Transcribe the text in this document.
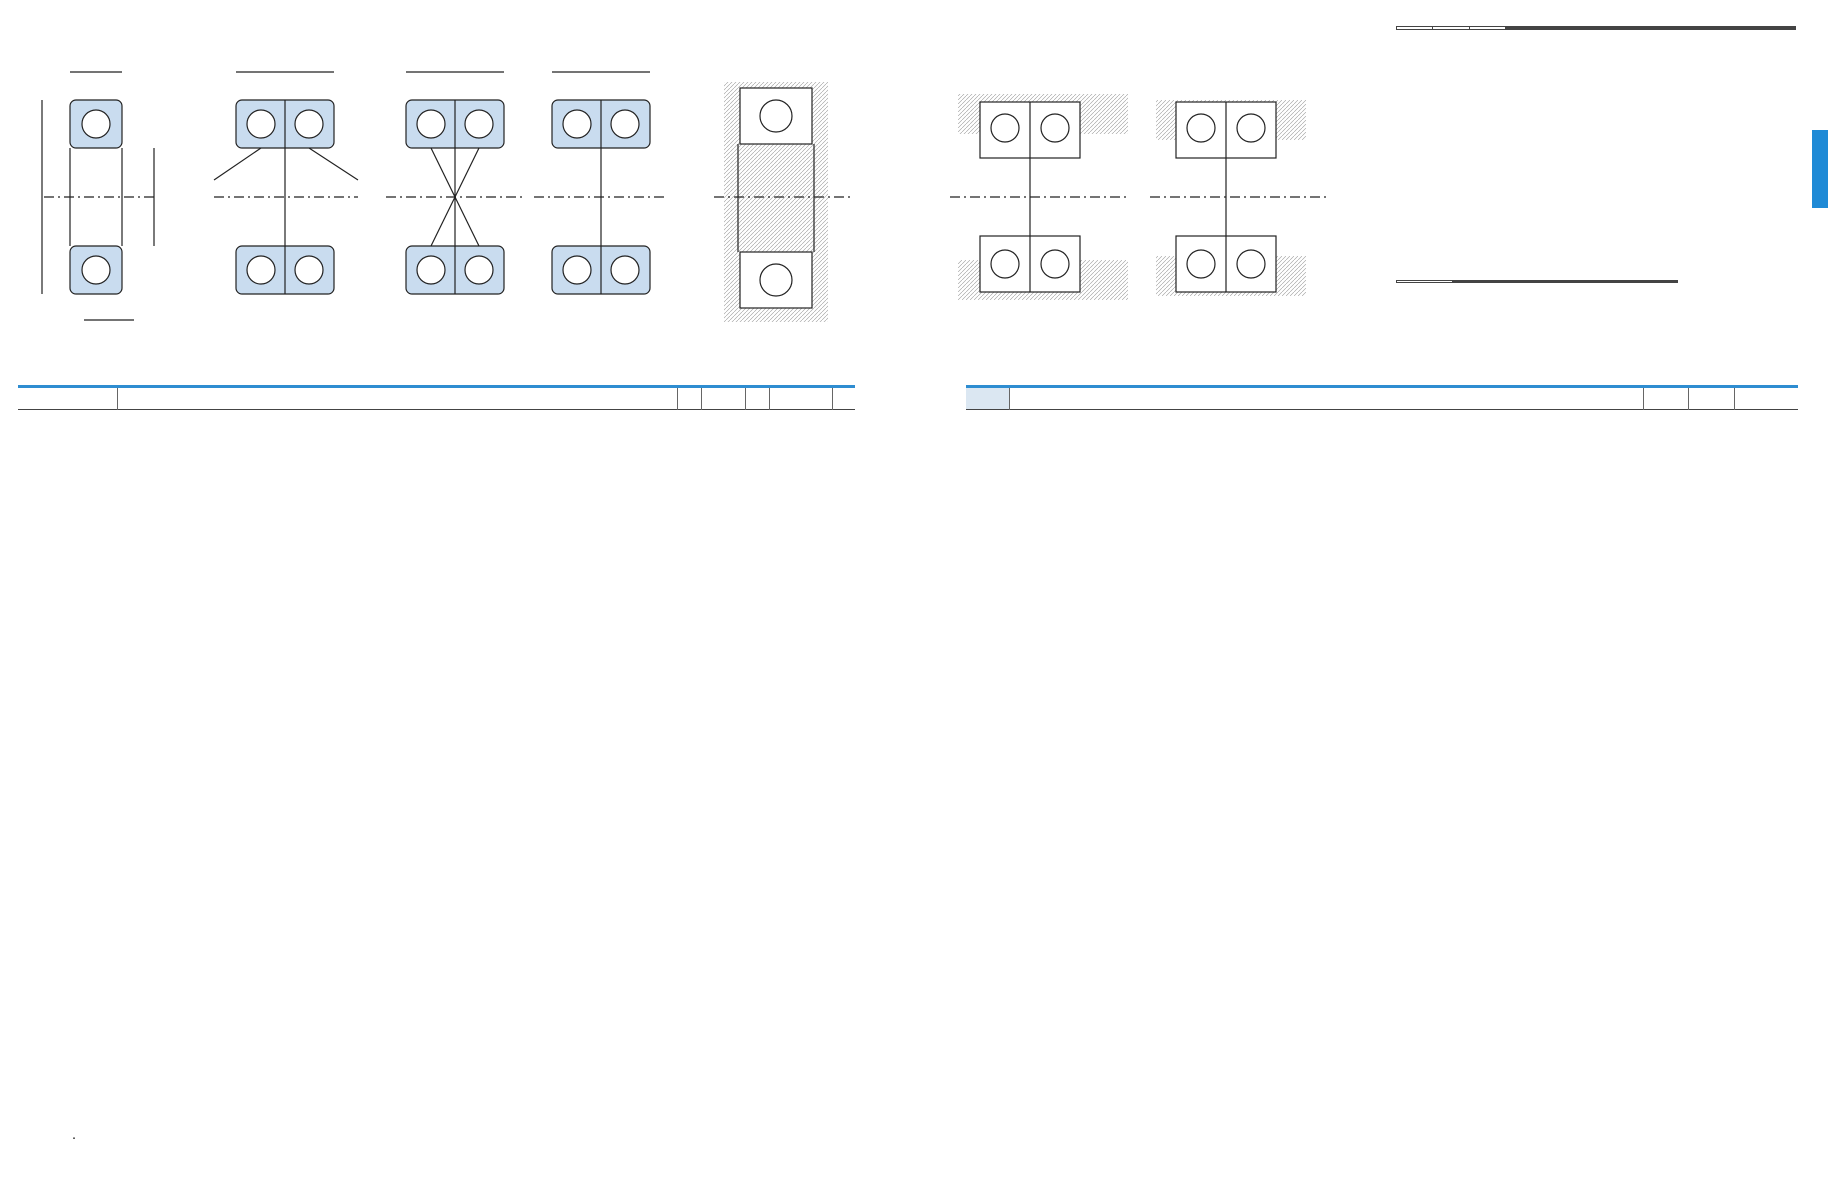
.
